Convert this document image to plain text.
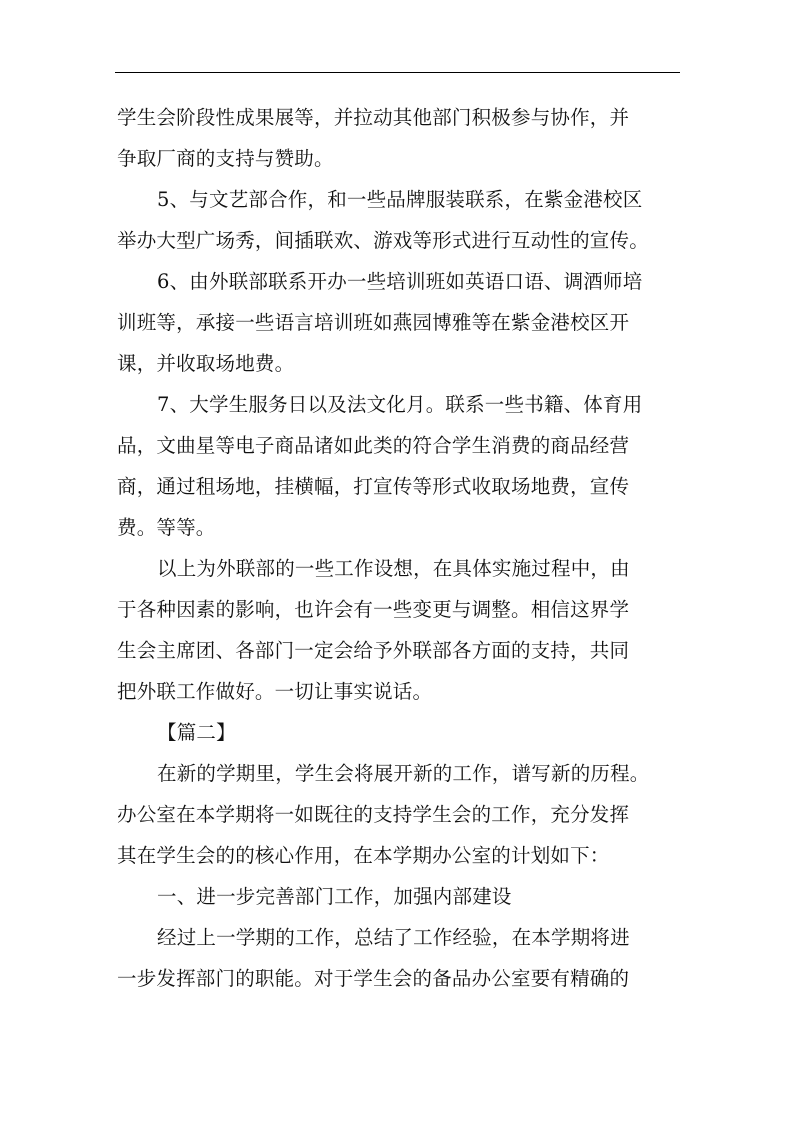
学生会阶段性成果展等，并拉动其他部门积极参与协作，并
争取厂商的支持与赞助。
5、与文艺部合作，和一些品牌服装联系，在紫金港校区
举办大型广场秀，间插联欢、游戏等形式进行互动性的宣传。
6、由外联部联系开办一些培训班如英语口语、调酒师培
训班等，承接一些语言培训班如燕园博雅等在紫金港校区开
课，并收取场地费。
7、大学生服务日以及法文化月。联系一些书籍、体育用
品，文曲星等电子商品诸如此类的符合学生消费的商品经营
商，通过租场地，挂横幅，打宣传等形式收取场地费，宣传
费。等等。
以上为外联部的一些工作设想，在具体实施过程中，由
于各种因素的影响，也许会有一些变更与调整。相信这界学
生会主席团、各部门一定会给予外联部各方面的支持，共同
把外联工作做好。一切让事实说话。
【篇二】
在新的学期里，学生会将展开新的工作，谱写新的历程。
办公室在本学期将一如既往的支持学生会的工作，充分发挥
其在学生会的的核心作用，在本学期办公室的计划如下：
一、进一步完善部门工作，加强内部建设
经过上一学期的工作，总结了工作经验，在本学期将进
一步发挥部门的职能。对于学生会的备品办公室要有精确的
